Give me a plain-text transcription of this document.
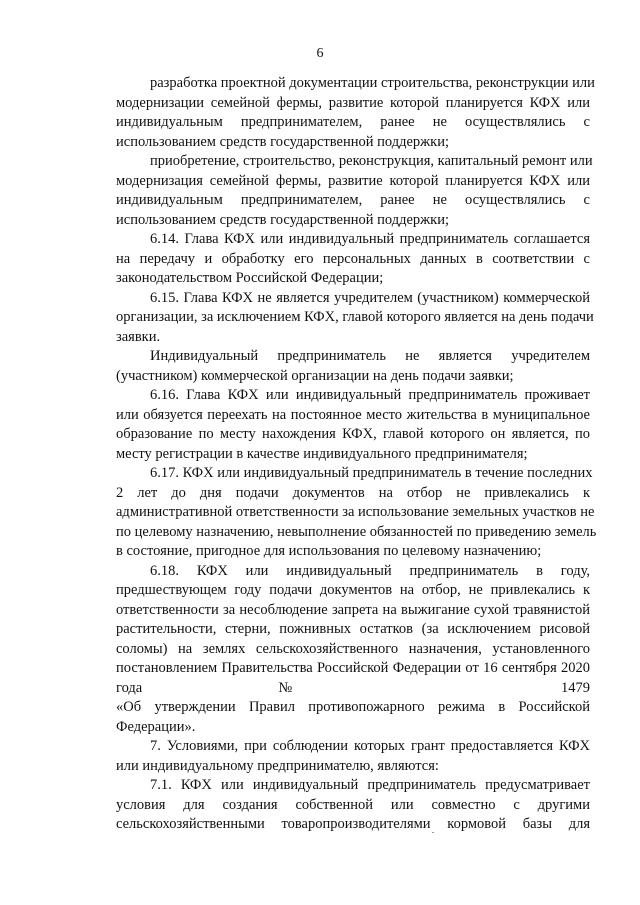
6
разработка проектной документации строительства, реконструкции или
модернизации семейной фермы, развитие которой планируется КФХ или
индивидуальным предпринимателем, ранее не осуществлялись с
использованием средств государственной поддержки;
приобретение, строительство, реконструкция, капитальный ремонт или
модернизация семейной фермы, развитие которой планируется КФХ или
индивидуальным предпринимателем, ранее не осуществлялись с
использованием средств государственной поддержки;
6.14. Глава КФХ или индивидуальный предприниматель соглашается
на передачу и обработку его персональных данных в соответствии с
законодательством Российской Федерации;
6.15. Глава КФХ не является учредителем (участником) коммерческой
организации, за исключением КФХ, главой которого является на день подачи
заявки.
Индивидуальный предприниматель не является учредителем
(участником) коммерческой организации на день подачи заявки;
6.16. Глава КФХ или индивидуальный предприниматель проживает
или обязуется переехать на постоянное место жительства в муниципальное
образование по месту нахождения КФХ, главой которого он является, по
месту регистрации в качестве индивидуального предпринимателя;
6.17. КФХ или индивидуальный предприниматель в течение последних
2 лет до дня подачи документов на отбор не привлекались к
административной ответственности за использование земельных участков не
по целевому назначению, невыполнение обязанностей по приведению земель
в состояние, пригодное для использования по целевому назначению;
6.18. КФХ или индивидуальный предприниматель в году,
предшествующем году подачи документов на отбор, не привлекались к
ответственности за несоблюдение запрета на выжигание сухой травянистой
растительности, стерни, пожнивных остатков (за исключением рисовой
соломы) на землях сельскохозяйственного назначения, установленного
постановлением Правительства Российской Федерации от 16 сентября 2020
года № 1479
«Об утверждении Правил противопожарного режима в Российской
Федерации».
7. Условиями, при соблюдении которых грант предоставляется КФХ
или индивидуальному предпринимателю, являются:
7.1. КФХ или индивидуальный предприниматель предусматривает
условия для создания собственной или совместно с другими
сельскохозяйственными товаропроизводителями кормовой базы для
